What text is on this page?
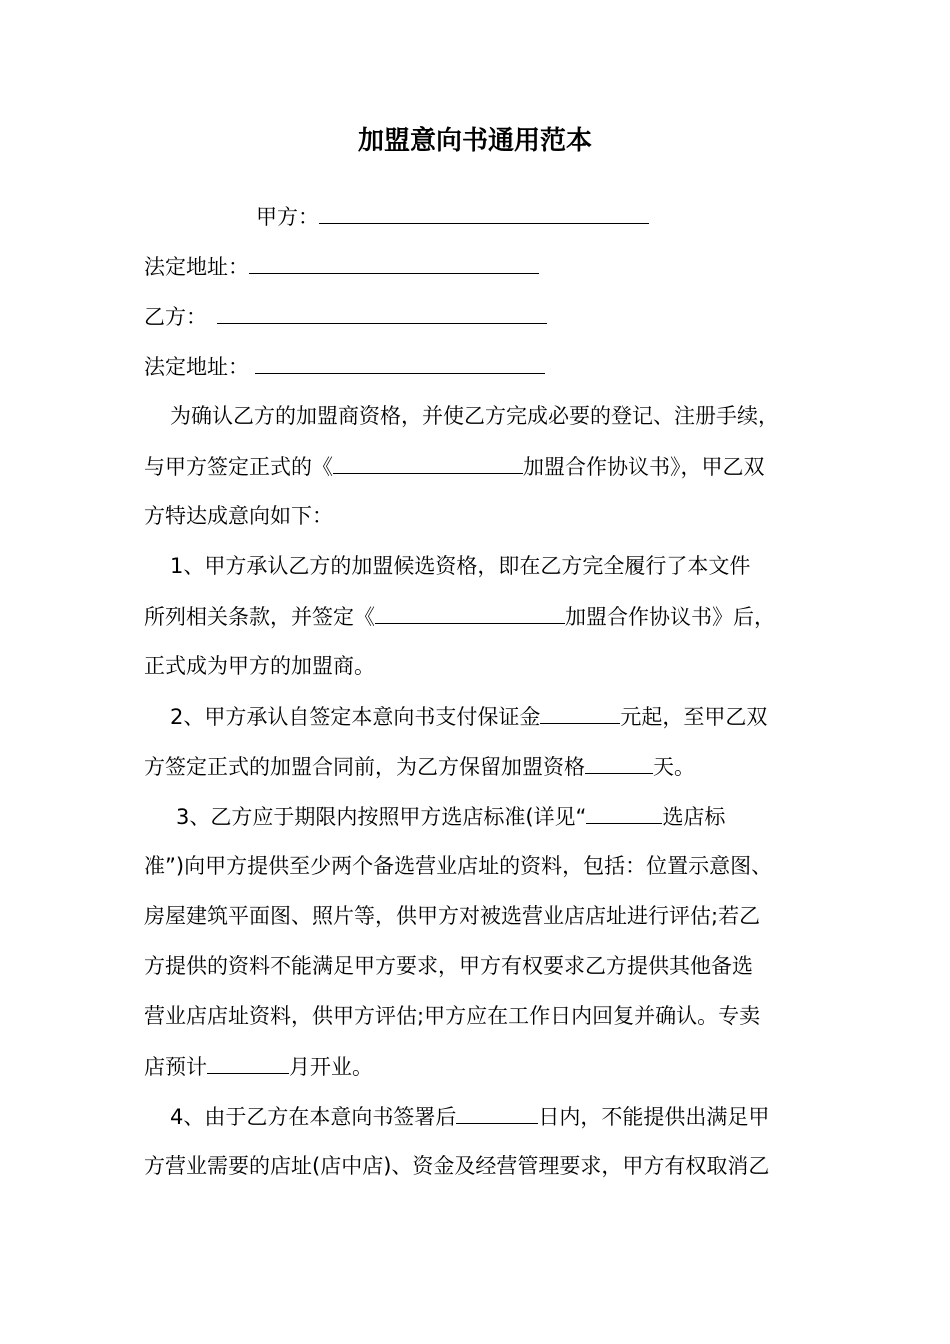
加盟意向书通用范本
甲方：
法定地址：
乙方：
法定地址：
为确认乙方的加盟商资格，并使乙方完成必要的登记、注册手续，
与甲方签定正式的《	加盟合作协议书》，甲乙双
方特达成意向如下：
1、甲方承认乙方的加盟候选资格，即在乙方完全履行了本文件
所列相关条款，并签定《	加盟合作协议书》后，
正式成为甲方的加盟商。
2、甲方承认自签定本意向书支付保证金	元起，至甲乙双
方签定正式的加盟合同前，为乙方保留加盟资格	天。
3、乙方应于期限内按照甲方选店标准(详见“	选店标
准”)向甲方提供至少两个备选营业店址的资料，包括：位置示意图、
房屋建筑平面图、照片等，供甲方对被选营业店店址进行评估;若乙
方提供的资料不能满足甲方要求，甲方有权要求乙方提供其他备选
营业店店址资料，供甲方评估;甲方应在工作日内回复并确认。专卖
店预计	月开业。
4、由于乙方在本意向书签署后	日内，不能提供出满足甲
方营业需要的店址(店中店)、资金及经营管理要求，甲方有权取消乙
